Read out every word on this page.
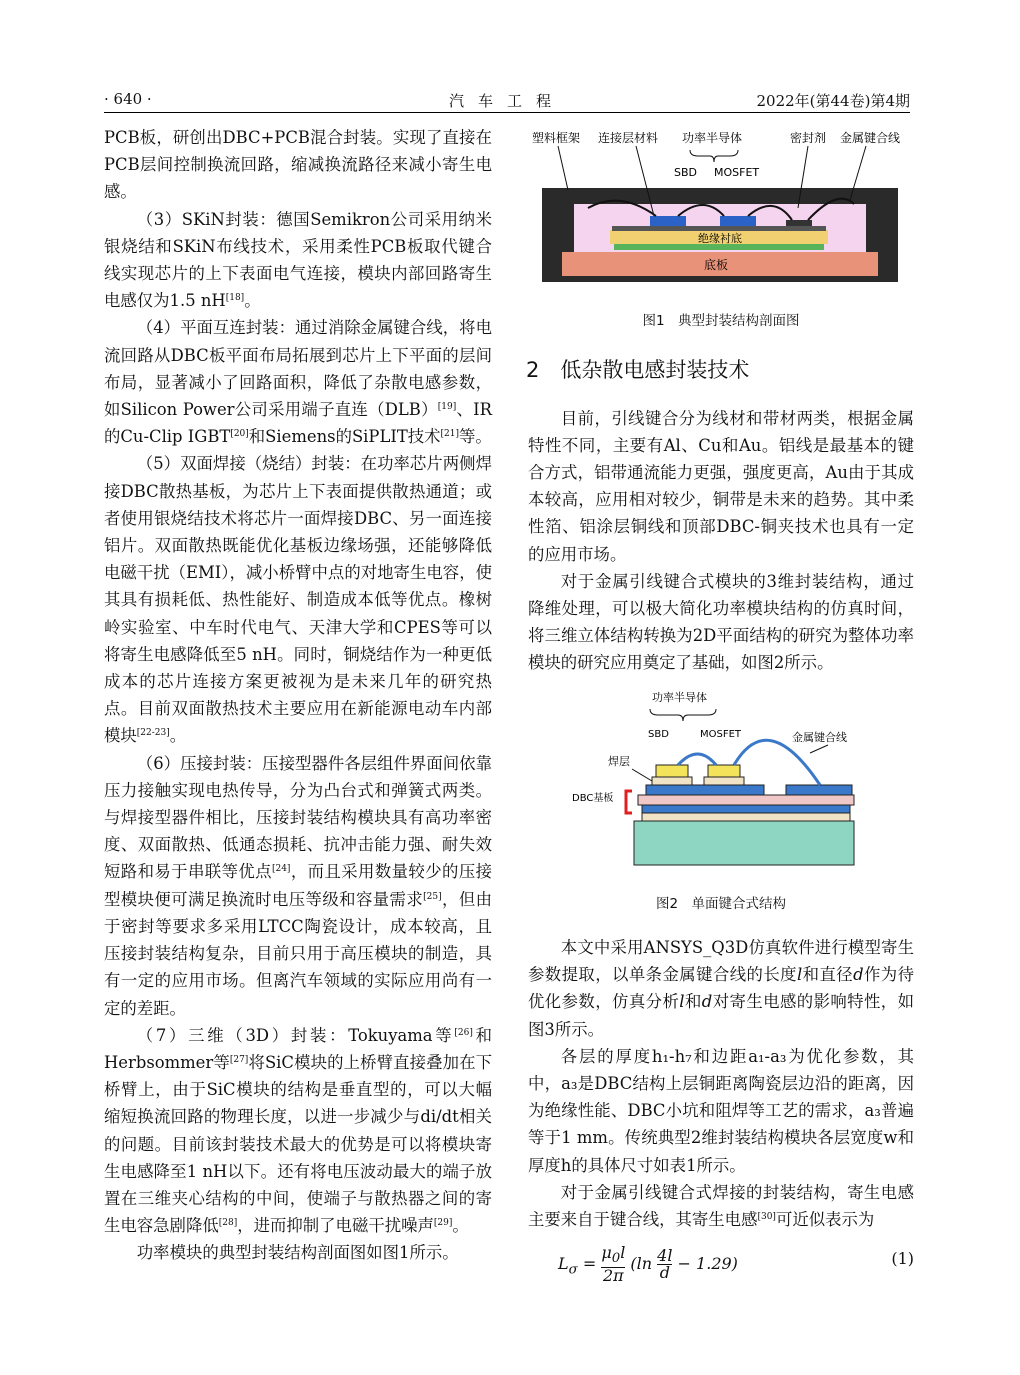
· 640 ·	汽车工程	2022年(第44卷)第4期

PCB板，研创出DBC+PCB混合封装。实现了直接在PCB层间控制换流回路，缩减换流路径来减小寄生电感。

（3）SKiN封装：德国Semikron公司采用纳米银烧结和SKiN布线技术，采用柔性PCB板取代键合线实现芯片的上下表面电气连接，模块内部回路寄生电感仅为1.5 nH[18]。

（4）平面互连封装：通过消除金属键合线，将电流回路从DBC板平面布局拓展到芯片上下平面的层间布局，显著减小了回路面积，降低了杂散电感参数，如Silicon Power公司采用端子直连（DLB）[19]、IR的Cu-Clip IGBT[20]和Siemens的SiPLIT技术[21]等。

（5）双面焊接（烧结）封装：在功率芯片两侧焊接DBC散热基板，为芯片上下表面提供散热通道；或者使用银烧结技术将芯片一面焊接DBC、另一面连接铝片。双面散热既能优化基板边缘场强，还能够降低电磁干扰（EMI），减小桥臂中点的对地寄生电容，使其具有损耗低、热性能好、制造成本低等优点。橡树岭实验室、中车时代电气、天津大学和CPES等可以将寄生电感降低至5 nH。同时，铜烧结作为一种更低成本的芯片连接方案更被视为是未来几年的研究热点。目前双面散热技术主要应用在新能源电动车内部模块[22-23]。

（6）压接封装：压接型器件各层组件界面间依靠压力接触实现电热传导，分为凸台式和弹簧式两类。与焊接型器件相比，压接封装结构模块具有高功率密度、双面散热、低通态损耗、抗冲击能力强、耐失效短路和易于串联等优点[24]，而且采用数量较少的压接型模块便可满足换流时电压等级和容量需求[25]，但由于密封等要求多采用LTCC陶瓷设计，成本较高，且压接封装结构复杂，目前只用于高压模块的制造，具有一定的应用市场。但离汽车领域的实际应用尚有一定的差距。

（7）三维（3D）封装：Tokuyama等[26]和Herbsommer等[27]将SiC模块的上桥臂直接叠加在下桥臂上，由于SiC模块的结构是垂直型的，可以大幅缩短换流回路的物理长度，以进一步减少与di/dt相关的问题。目前该封装技术最大的优势是可以将模块寄生电感降至1 nH以下。还有将电压波动最大的端子放置在三维夹心结构的中间，使端子与散热器之间的寄生电容急剧降低[28]，进而抑制了电磁干扰噪声[29]。

功率模块的典型封装结构剖面图如图1所示。

塑料框架 连接层材料 功率半导体	密封剂 金属键合线
SBD MOSFET
底板
绝缘衬底
图1　典型封装结构剖面图
2　低杂散电感封装技术

目前，引线键合分为线材和带材两类，根据金属特性不同，主要有Al、Cu和Au。铝线是最基本的键合方式，铝带通流能力更强，强度更高，Au由于其成本较高，应用相对较少，铜带是未来的趋势。其中柔性箔、铝涂层铜线和顶部DBC-铜夹技术也具有一定的应用市场。

对于金属引线键合式模块的3维封装结构，通过降维处理，可以极大简化功率模块结构的仿真时间，将三维立体结构转换为2D平面结构的研究为整体功率模块的研究应用奠定了基础，如图2所示。

功率半导体
SBD	MOSFET	金属键合线
焊层
DBC基板
图2　单面键合式结构

本文中采用ANSYS_Q3D仿真软件进行模型寄生参数提取，以单条金属键合线的长度l和直径d作为待优化参数，仿真分析l和d对寄生电感的影响特性，如图3所示。

各层的厚度h₁-h₇和边距a₁-a₃为优化参数，其中，a₃是DBC结构上层铜距离陶瓷层边沿的距离，因为绝缘性能、DBC小坑和阻焊等工艺的需求，a₃普遍等于1 mm。传统典型2维封装结构模块各层宽度w和厚度h的具体尺寸如表1所示。

对于金属引线键合式焊接的封装结构，寄生电感主要来自于键合线，其寄生电感[30]可近似表示为

$L_\sigma = \frac{\mu_0l}{2\pi} (\ln \frac{4l}{d} - 1.29)$	(1)
